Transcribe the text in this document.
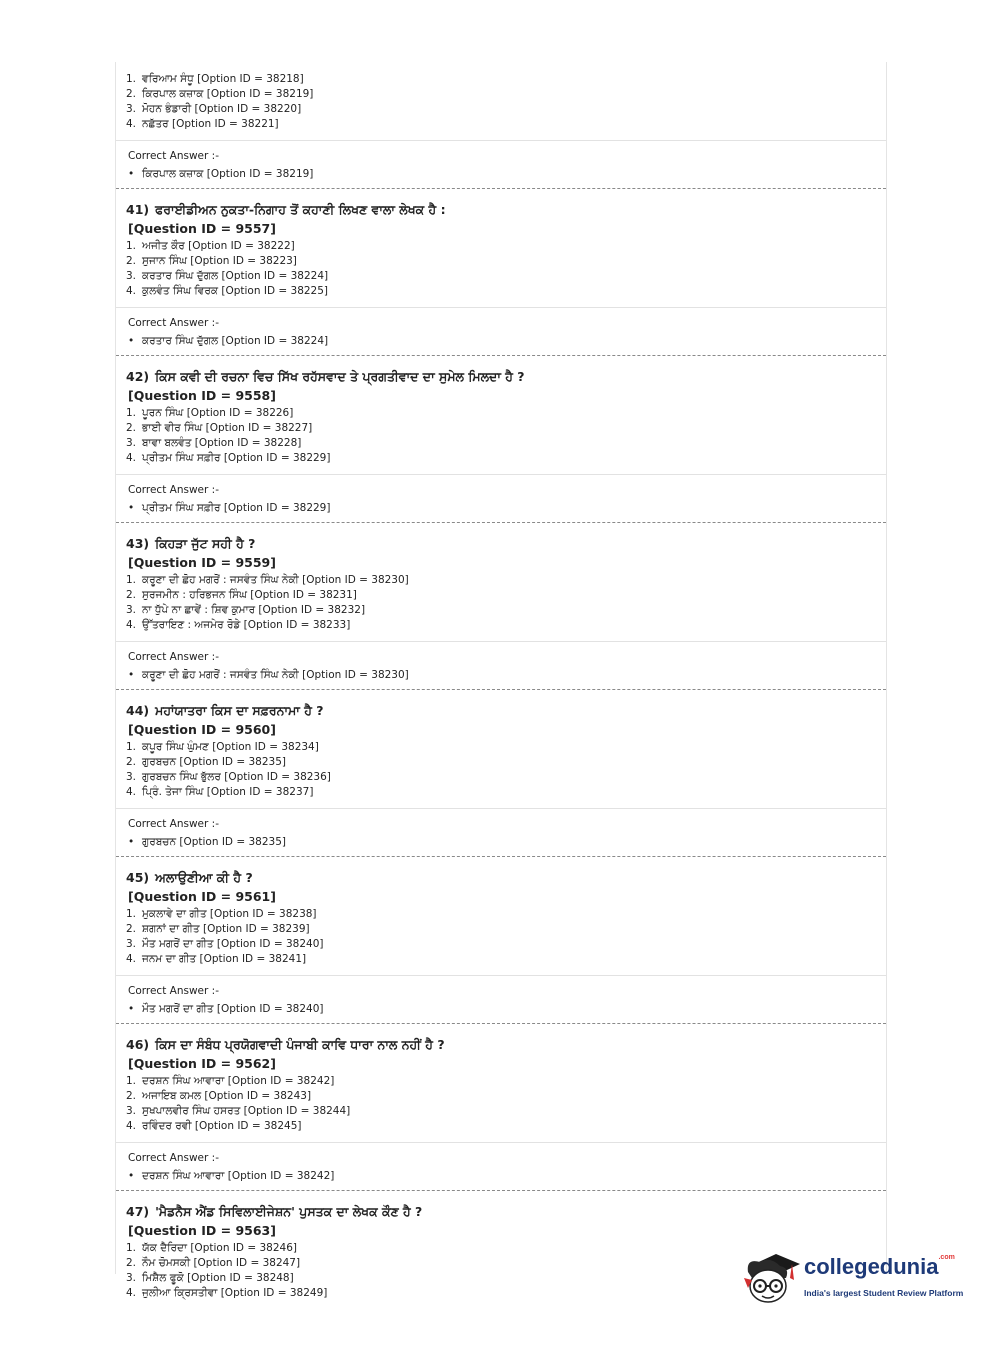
1. ਵਰਿਆਮ ਸੰਧੂ [Option ID = 38218]
2. ਕਿਰਪਾਲ ਕਜ਼ਾਕ [Option ID = 38219]
3. ਮੋਹਨ ਭੰਡਾਰੀ [Option ID = 38220]
4. ਨਛੱਤਰ [Option ID = 38221]
Correct Answer :-
• ਕਿਰਪਾਲ ਕਜ਼ਾਕ [Option ID = 38219]
41) ਫਰਾਈਡੀਅਨ ਨੁਕਤਾ-ਨਿਗਾਹ ਤੋਂ ਕਹਾਣੀ ਲਿਖਣ ਵਾਲਾ ਲੇਖਕ ਹੈ :
[Question ID = 9557]
1. ਅਜੀਤ ਕੌਰ [Option ID = 38222]
2. ਸੁਜਾਨ ਸਿੰਘ [Option ID = 38223]
3. ਕਰਤਾਰ ਸਿੰਘ ਦੁੱਗਲ [Option ID = 38224]
4. ਕੁਲਵੰਤ ਸਿੰਘ ਵਿਰਕ [Option ID = 38225]
Correct Answer :-
• ਕਰਤਾਰ ਸਿੰਘ ਦੁੱਗਲ [Option ID = 38224]
42) ਕਿਸ ਕਵੀ ਦੀ ਰਚਨਾ ਵਿਚ ਸਿੱਖ ਰਹੱਸਵਾਦ ਤੇ ਪ੍ਰਗਤੀਵਾਦ ਦਾ ਸੁਮੇਲ ਮਿਲਦਾ ਹੈ ?
[Question ID = 9558]
1. ਪੂਰਨ ਸਿੰਘ [Option ID = 38226]
2. ਭਾਈ ਵੀਰ ਸਿੰਘ [Option ID = 38227]
3. ਬਾਵਾ ਬਲਵੰਤ [Option ID = 38228]
4. ਪ੍ਰੀਤਮ ਸਿੰਘ ਸਫ਼ੀਰ [Option ID = 38229]
Correct Answer :-
• ਪ੍ਰੀਤਮ ਸਿੰਘ ਸਫ਼ੀਰ [Option ID = 38229]
43) ਕਿਹੜਾ ਜੁੱਟ ਸਹੀ ਹੈ ?
[Question ID = 9559]
1. ਕਰੂਣਾ ਦੀ ਛੋਹ ਮਗਰੋਂ : ਜਸਵੰਤ ਸਿੰਘ ਨੇਕੀ [Option ID = 38230]
2. ਸੁਰਜਮੀਨ : ਹਰਿਭਜਨ ਸਿੰਘ [Option ID = 38231]
3. ਨਾ ਧੁੱਪੇ ਨਾ ਛਾਵੇਂ : ਸ਼ਿਵ ਕੁਮਾਰ [Option ID = 38232]
4. ਉੱਤਰਾਇਣ : ਅਜਮੇਰ ਰੋਡੇ [Option ID = 38233]
Correct Answer :-
• ਕਰੂਣਾ ਦੀ ਛੋਹ ਮਗਰੋਂ : ਜਸਵੰਤ ਸਿੰਘ ਨੇਕੀ [Option ID = 38230]
44) ਮਹਾਂਯਾਤਰਾ ਕਿਸ ਦਾ ਸਫ਼ਰਨਾਮਾ ਹੈ ?
[Question ID = 9560]
1. ਕਪੂਰ ਸਿੰਘ ਘੁੰਮਣ [Option ID = 38234]
2. ਗੁਰਬਚਨ [Option ID = 38235]
3. ਗੁਰਬਚਨ ਸਿੰਘ ਭੁੱਲਰ [Option ID = 38236]
4. ਪ੍ਰਿੰ. ਤੇਜਾ ਸਿੰਘ [Option ID = 38237]
Correct Answer :-
• ਗੁਰਬਚਨ [Option ID = 38235]
45) ਅਲਾਉਣੀਆ ਕੀ ਹੈ ?
[Question ID = 9561]
1. ਮੁਕਲਾਵੇ ਦਾ ਗੀਤ [Option ID = 38238]
2. ਸ਼ਗਨਾਂ ਦਾ ਗੀਤ [Option ID = 38239]
3. ਮੌਤ ਮਗਰੋਂ ਦਾ ਗੀਤ [Option ID = 38240]
4. ਜਨਮ ਦਾ ਗੀਤ [Option ID = 38241]
Correct Answer :-
• ਮੌਤ ਮਗਰੋਂ ਦਾ ਗੀਤ [Option ID = 38240]
46) ਕਿਸ ਦਾ ਸੰਬੰਧ ਪ੍ਰਯੋਗਵਾਦੀ ਪੰਜਾਬੀ ਕਾਵਿ ਧਾਰਾ ਨਾਲ ਨਹੀਂ ਹੈ ?
[Question ID = 9562]
1. ਦਰਸ਼ਨ ਸਿੰਘ ਆਵਾਰਾ [Option ID = 38242]
2. ਅਜਾਇਬ ਕਮਲ [Option ID = 38243]
3. ਸੁਖਪਾਲਵੀਰ ਸਿੰਘ ਹਸਰਤ [Option ID = 38244]
4. ਰਵਿੰਦਰ ਰਵੀ [Option ID = 38245]
Correct Answer :-
• ਦਰਸ਼ਨ ਸਿੰਘ ਆਵਾਰਾ [Option ID = 38242]
47) 'ਮੈਡਨੈਸ ਐਂਡ ਸਿਵਿਲਾਈਜੇਸ਼ਨ' ਪੁਸਤਕ ਦਾ ਲੇਖਕ ਕੌਣ ਹੈ ?
[Question ID = 9563]
1. ਯੱਕ ਦੈਰਿਦਾ [Option ID = 38246]
2. ਨੌਮ ਚੋਮਸਕੀ [Option ID = 38247]
3. ਮਿਸ਼ੈਲ ਫੂਕੋ [Option ID = 38248]
4. ਜੁਲੀਆ ਕ੍ਰਿਸਤੀਵਾ [Option ID = 38249]
collegedunia$^{.com}$
India's largest Student Review Platform
